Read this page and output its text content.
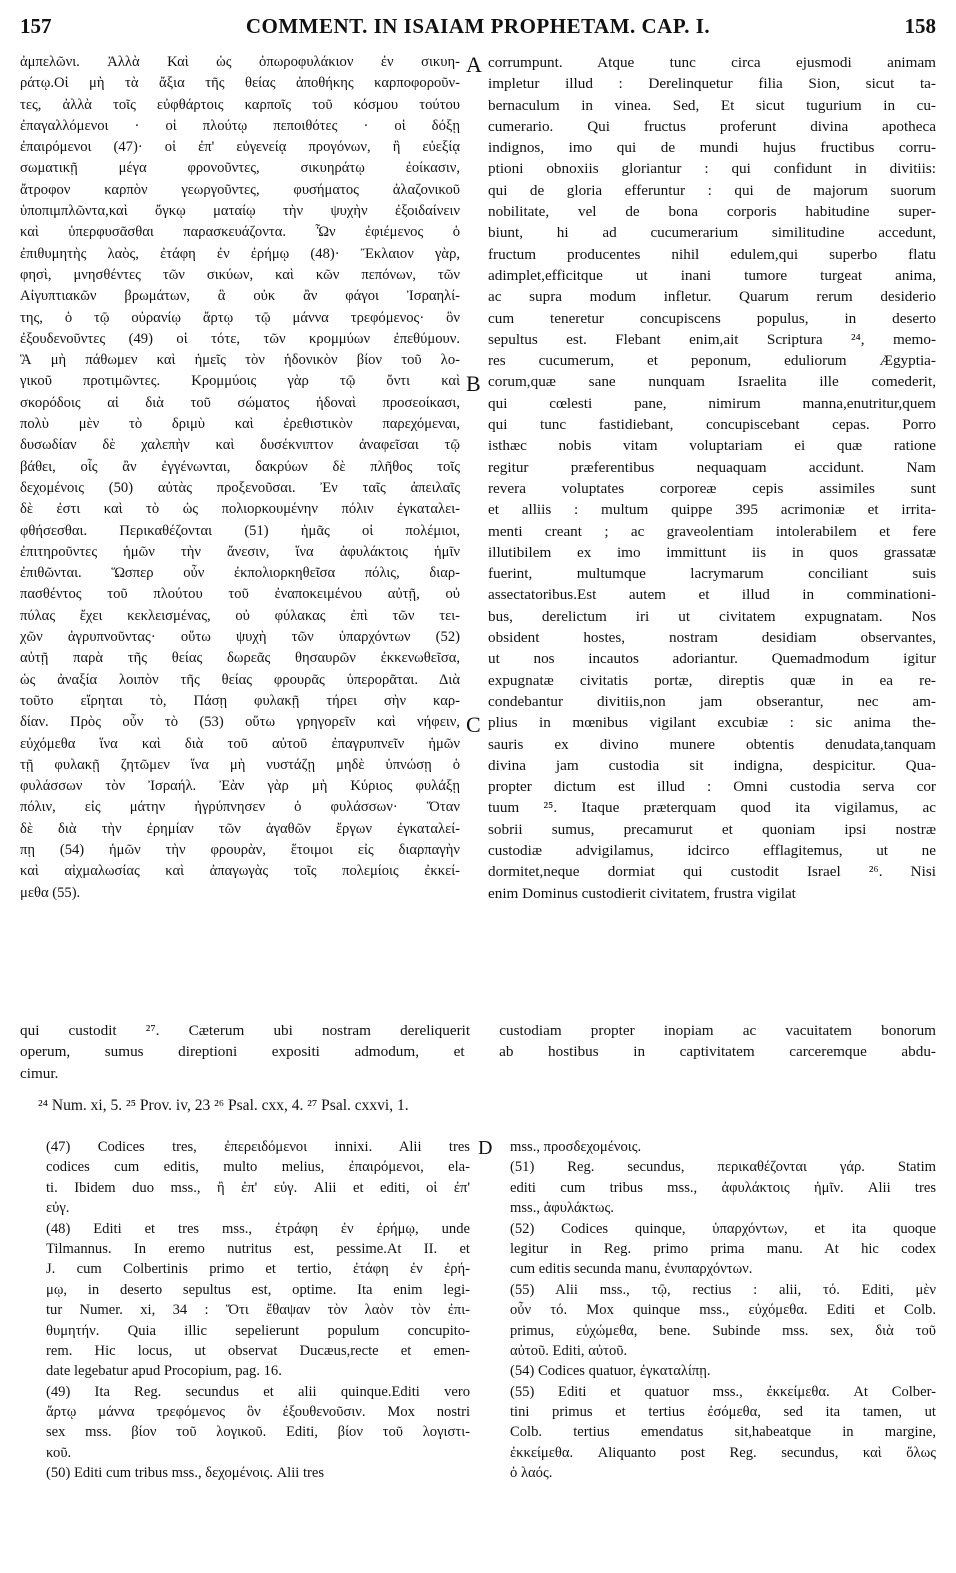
157	COMMENT. IN ISAIAM PROPHETAM. CAP. I.	158
ἀμπελῶνι. Ἀλλὰ Καὶ ὡς ὀπωροφυλάκιον ἐν σικυη-
ράτῳ.Οἱ μὴ τὰ ἄξια τῆς θείας ἀποθήκης καρποφοροῦν-
τες, ἀλλὰ τοῖς εὐφθάρτοις καρποῖς τοῦ κόσμου τούτου
ἐπαγαλλόμενοι · οἱ πλούτῳ πεποιθότες · οἱ δόξῃ
ἐπαιρόμενοι (47)· οἱ ἐπ' εὐγενείᾳ προγόνων, ἢ εὐεξίᾳ
σωματικῇ μέγα φρονοῦντες, σικυηράτῳ ἐοίκασιν,
ἄτροφον καρπὸν γεωργοῦντες, φυσήματος ἀλαζονικοῦ
ὑποπιμπλῶντα,καὶ ὄγκῳ ματαίῳ τὴν ψυχὴν ἐξοιδαίνειν
καὶ ὑπερφυσᾶσθαι παρασκευάζοντα. Ὧν ἐφιέμενος ὁ
ἐπιθυμητὴς λαὸς, ἐτάφη ἐν ἐρήμῳ (48)· Ἔκλαιον γὰρ,
φησὶ, μνησθέντες τῶν σικύων, καὶ κῶν πεπόνων, τῶν
Αἰγυπτιακῶν βρωμάτων, ἃ οὐκ ἂν φάγοι Ἰσραηλί-
της, ὁ τῷ οὐρανίῳ ἄρτῳ τῷ μάννα τρεφόμενος· ὃν
ἐξουδενοῦντες (49) οἱ τότε, τῶν κρομμύων ἐπεθύμουν.
Ἃ μὴ πάθωμεν καὶ ἡμεῖς τὸν ἡδονικὸν βίον τοῦ λο-
γικοῦ προτιμῶντες. Κρομμύοις γὰρ τῷ ὄντι καὶ
σκορόδοις αἱ διὰ τοῦ σώματος ἡδοναὶ προσεοίκασι,
πολὺ μὲν τὸ δριμὺ καὶ ἐρεθιστικὸν παρεχόμεναι,
δυσωδίαν δὲ χαλεπὴν καὶ δυσέκνιπτον ἀναφεῖσαι τῷ
βάθει, οἷς ἂν ἐγγένωνται, δακρύων δὲ πλῆθος τοῖς
δεχομένοις (50) αὐτὰς προξενοῦσαι. Ἐν ταῖς ἀπειλαῖς
δὲ ἐστι καὶ τὸ ὡς πολιορκουμένην πόλιν ἐγκαταλει-
φθήσεσθαι. Περικαθέζονται (51) ἡμᾶς οἱ πολέμιοι,
ἐπιτηροῦντες ἡμῶν τὴν ἄνεσιν, ἵνα ἀφυλάκτοις ἡμῖν
ἐπιθῶνται. Ὥσπερ οὖν ἐκπολιορκηθεῖσα πόλις, διαρ-
πασθέντος τοῦ πλούτου τοῦ ἐναποκειμένου αὐτῇ, οὐ
πύλας ἔχει κεκλεισμένας, οὐ φύλακας ἐπὶ τῶν τει-
χῶν ἀγρυπνοῦντας· οὕτω ψυχὴ τῶν ὑπαρχόντων (52)
αὐτῇ παρὰ τῆς θείας δωρεᾶς θησαυρῶν ἐκκενωθεῖσα,
ὡς ἀναξία λοιπὸν τῆς θείας φρουρᾶς ὑπερορᾶται. Διὰ
τοῦτο εἴρηται τὸ, Πάσῃ φυλακῇ τήρει σὴν καρ-
δίαν. Πρὸς οὖν τὸ (53) οὕτω γρηγορεῖν καὶ νήφειν,
εὐχόμεθα ἵνα καὶ διὰ τοῦ αὐτοῦ ἐπαγρυπνεῖν ἡμῶν
τῇ φυλακῇ ζητῶμεν ἵνα μὴ νυστάζῃ μηδὲ ὑπνώσῃ ὁ
φυλάσσων τὸν Ἰσραήλ. Ἐὰν γὰρ μὴ Κύριος φυλάξῃ
πόλιν, εἰς μάτην ἠγρύπνησεν ὁ φυλάσσων· Ὅταν
δὲ διὰ τὴν ἐρημίαν τῶν ἀγαθῶν ἔργων ἐγκαταλεί-
πῃ (54) ἡμῶν τὴν φρουρὰν, ἕτοιμοι εἰς διαρπαγὴν
καὶ αἰχμαλωσίας καὶ ἀπαγωγὰς τοῖς πολεμίοις ἐκκεί-
μεθα (55).
corrumpunt. Atque tunc circa ejusmodi animam
impletur illud : Derelinquetur filia Sion, sicut ta-
bernaculum in vinea. Sed, Et sicut tugurium in cu-
cumerario. Qui fructus proferunt divina apotheca
indignos, imo qui de mundi hujus fructibus corru-
ptioni obnoxiis gloriantur : qui confidunt in divitiis:
qui de gloria efferuntur : qui de majorum suorum
nobilitate, vel de bona corporis habitudine super-
biunt, hi ad cucumerarium similitudine accedunt,
fructum producentes nihil edulem,qui superbo flatu
adimplet,efficitque ut inani tumore turgeat anima,
ac supra modum infletur. Quarum rerum desiderio
cum teneretur concupiscens populus, in deserto
sepultus est. Flebant enim,ait Scriptura ²⁴, memo-
res cucumerum, et peponum, eduliorum Ægyptia-
corum,quæ sane nunquam Israelita ille comederit,
qui cœlesti pane, nimirum manna,enutritur,quem
qui tunc fastidiebant, concupiscebant cepas. Porro
isthæc nobis vitam voluptariam ei quæ ratione
regitur præferentibus nequaquam accidunt. Nam
revera voluptates corporeæ cepis assimiles sunt
et alliis : multum quippe 395 acrimoniæ et irrita-
menti creant ; ac graveolentiam intolerabilem et fere
illutibilem ex imo immittunt iis in quos grassatæ
fuerint, multumque lacrymarum conciliant suis
assectatoribus.Est autem et illud in comminationi-
bus, derelictum iri ut civitatem expugnatam. Nos
obsident hostes, nostram desidiam observantes,
ut nos incautos adoriantur. Quemadmodum igitur
expugnatæ civitatis portæ, direptis quæ in ea re-
condebantur divitiis,non jam obserantur, nec am-
plius in mœnibus vigilant excubiæ : sic anima the-
sauris ex divino munere obtentis denudata,tanquam
divina jam custodia sit indigna, despicitur. Qua-
propter dictum est illud : Omni custodia serva cor
tuum ²⁵. Itaque præterquam quod ita vigilamus, ac
sobrii sumus, precamurut et quoniam ipsi nostræ
custodiæ advigilamus, idcirco efflagitemus, ut ne
dormitet,neque dormiat qui custodit Israel ²⁶. Nisi
enim Dominus custodierit civitatem, frustra vigilat
A
B
C
D
qui custodit ²⁷. Cæterum ubi nostram dereliquerit custodiam propter inopiam ac vacuitatem bonorum
operum, sumus direptioni expositi admodum, et ab hostibus in captivitatem carceremque abdu-
cimur.
²⁴ Num. xi, 5. ²⁵ Prov. iv, 23 ²⁶ Psal. cxx, 4. ²⁷ Psal. cxxvi, 1.
(47) Codices tres, ἐπερειδόμενοι innixi. Alii tres
codices cum editis, multo melius, ἐπαιρόμενοι, ela-
ti. Ibidem duo mss., ἢ ἐπ' εὐγ. Alii et editi, οἱ ἐπ'
εὐγ.
(48) Editi et tres mss., ἐτράφη ἐν ἐρήμῳ, unde
Tilmannus. In eremo nutritus est, pessime.At II. et
J. cum Colbertinis primo et tertio, ἐτάφη ἐν ἐρή-
μῳ, in deserto sepultus est, optime. Ita enim legi-
tur Numer. xi, 34 : Ὅτι ἔθαψαν τὸν λαὸν τὸν ἐπι-
θυμητήν. Quia illic sepelierunt populum concupito-
rem. Hic locus, ut observat Ducæus,recte et emen-
date legebatur apud Procopium, pag. 16.
(49) Ita Reg. secundus et alii quinque.Editi vero
ἄρτῳ μάννα τρεφόμενος ὃν ἐξουθενοῦσιν. Mox nostri
sex mss. βίον τοῦ λογικοῦ. Editi, βίον τοῦ λογιστι-
κοῦ.
(50) Editi cum tribus mss., δεχομένοις. Alii tres
mss., προσδεχομένοις.
(51) Reg. secundus, περικαθέζονται γάρ. Statim
editi cum tribus mss., ἀφυλάκτοις ἡμῖν. Alii tres
mss., ἀφυλάκτως.
(52) Codices quinque, ὑπαρχόντων, et ita quoque
legitur in Reg. primo prima manu. At hic codex
cum editis secunda manu, ἐνυπαρχόντων.
(55) Alii mss., τῷ, rectius : alii, τό. Editi, μὲν
οὖν τό. Mox quinque mss., εὐχόμεθα. Editi et Colb.
primus, εὐχώμεθα, bene. Subinde mss. sex, διὰ τοῦ
αὐτοῦ. Editi, αὐτοῦ.
(54) Codices quatuor, ἐγκαταλίπῃ.
(55) Editi et quatuor mss., ἐκκείμεθα. At Colber-
tini primus et tertius ἐσόμεθα, sed ita tamen, ut
Colb. tertius emendatus sit,habeatque in margine,
ἐκκείμεθα. Aliquanto post Reg. secundus, καὶ ὅλως
ὁ λαός.
